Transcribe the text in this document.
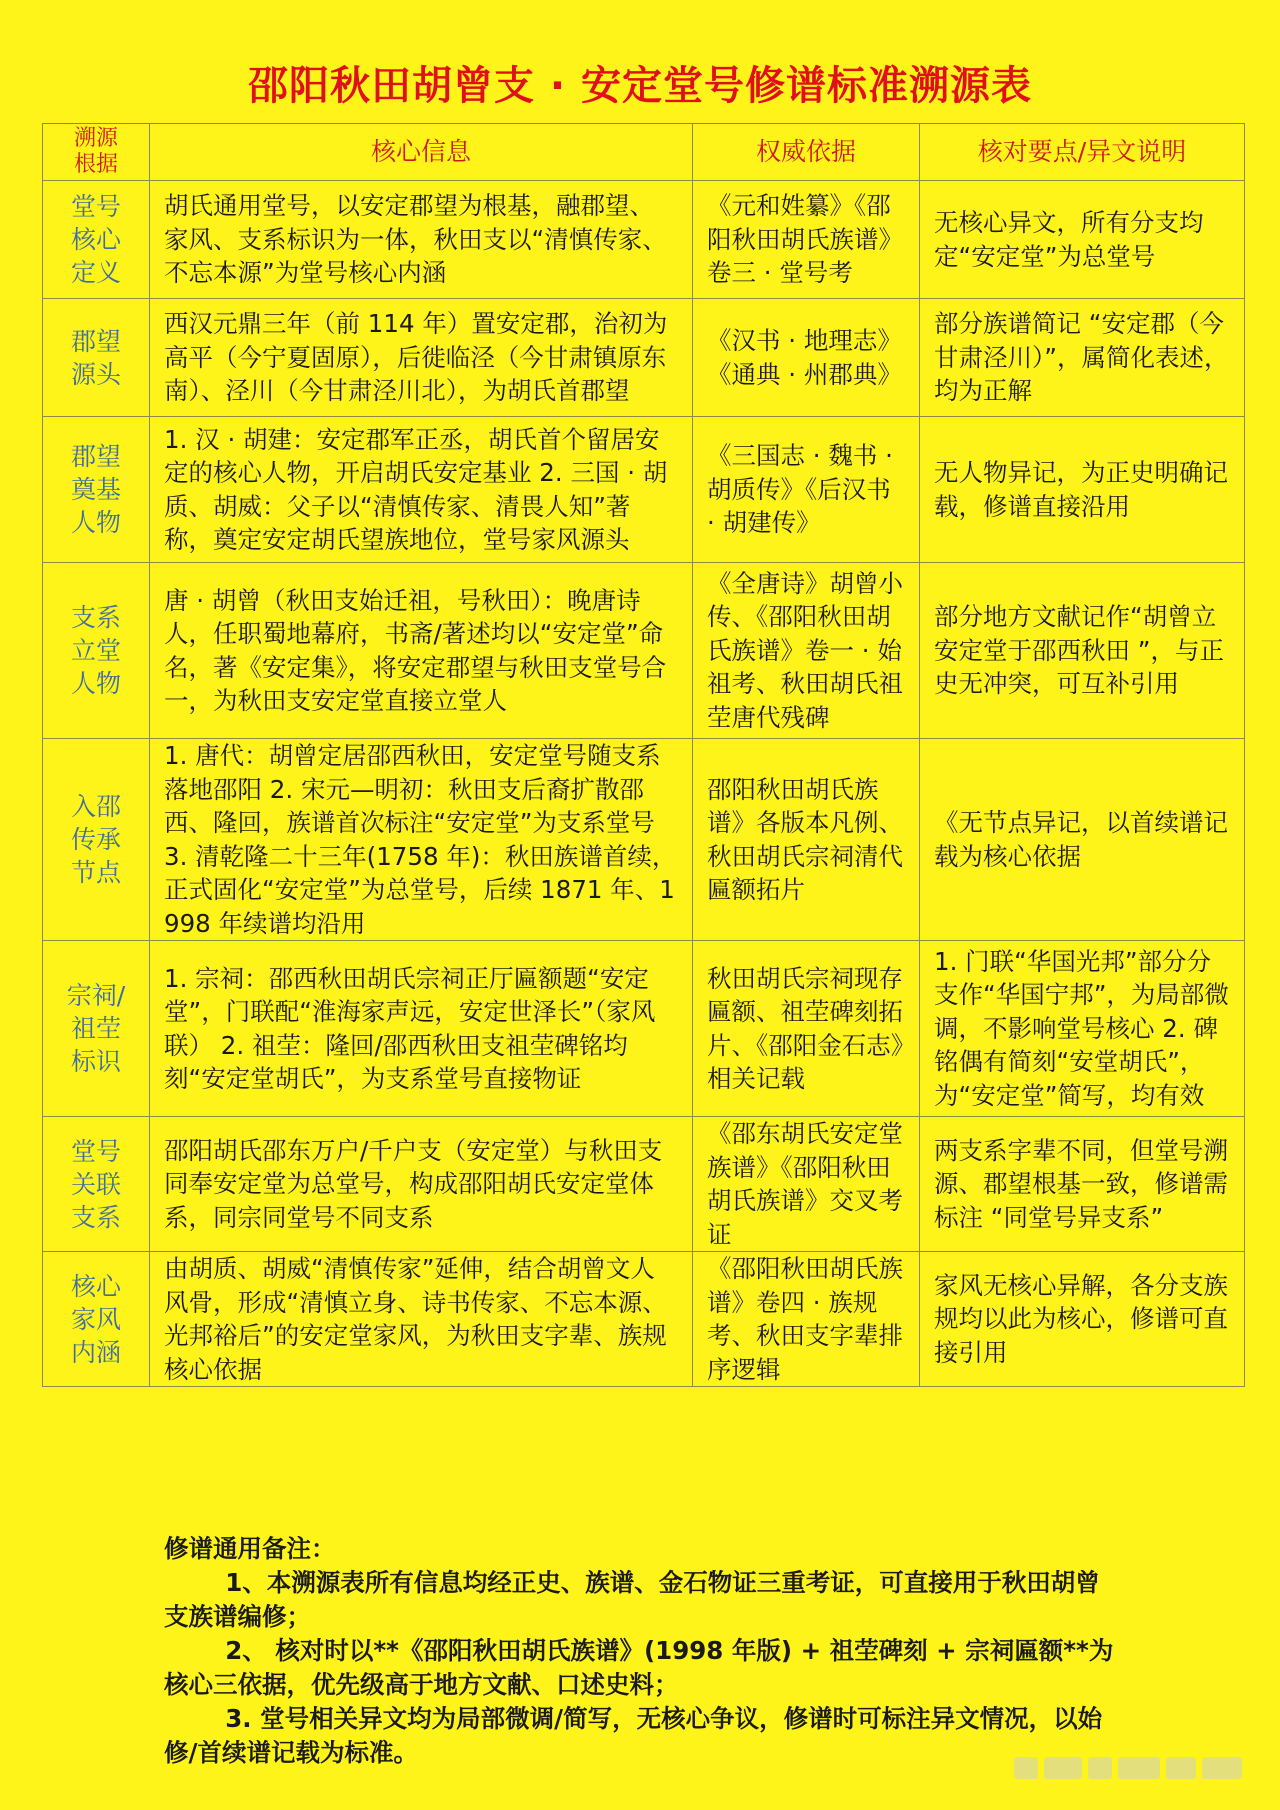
邵阳秋田胡曾支 · 安定堂号修谱标准溯源表
溯源
根据	核心信息	权威依据	核对要点/异文说明
堂号
核心
定义	胡氏通用堂号，以安定郡望为根基，融郡望、家风、支系标识为一体，秋田支以“清慎传家、不忘本源”为堂号核心内涵	《元和姓纂》《邵阳秋田胡氏族谱》卷三 · 堂号考	无核心异文，所有分支均定“安定堂”为总堂号
郡望
源头	西汉元鼎三年（前 114 年）置安定郡，治初为高平（今宁夏固原），后徙临泾（今甘肃镇原东南）、泾川（今甘肃泾川北），为胡氏首郡望	《汉书 · 地理志》《通典 · 州郡典》	部分族谱简记 “安定郡（今甘肃泾川）”，属简化表述，均为正解
郡望
奠基
人物	1. 汉 · 胡建：安定郡军正丞，胡氏首个留居安定的核心人物，开启胡氏安定基业 2. 三国 · 胡质、胡威：父子以“清慎传家、清畏人知”著称，奠定安定胡氏望族地位，堂号家风源头	《三国志 · 魏书 · 胡质传》《后汉书 · 胡建传》	无人物异记，为正史明确记载，修谱直接沿用
支系
立堂
人物	唐 · 胡曾（秋田支始迁祖，号秋田）：晚唐诗人，任职蜀地幕府，书斋/著述均以“安定堂”命名，著《安定集》，将安定郡望与秋田支堂号合一，为秋田支安定堂直接立堂人	《全唐诗》胡曾小传、《邵阳秋田胡氏族谱》卷一 · 始祖考、秋田胡氏祖茔唐代残碑	部分地方文献记作“胡曾立安定堂于邵西秋田 ”，与正史无冲突，可互补引用
入邵
传承
节点	1. 唐代：胡曾定居邵西秋田，安定堂号随支系落地邵阳 2. 宋元—明初：秋田支后裔扩散邵西、隆回，族谱首次标注“安定堂”为支系堂号 3. 清乾隆二十三年(1758 年)：秋田族谱首续，正式固化“安定堂”为总堂号，后续 1871 年、1998 年续谱均沿用	邵阳秋田胡氏族谱》各版本凡例、秋田胡氏宗祠清代匾额拓片	《无节点异记，以首续谱记载为核心依据
宗祠/
祖茔
标识	1. 宗祠：邵西秋田胡氏宗祠正厅匾额题“安定堂”，门联配“淮海家声远，安定世泽长”（家风联） 2. 祖茔：隆回/邵西秋田支祖茔碑铭均刻“安定堂胡氏”，为支系堂号直接物证	秋田胡氏宗祠现存匾额、祖茔碑刻拓片、《邵阳金石志》相关记载	1. 门联“华国光邦”部分分支作“华国宁邦”，为局部微调，不影响堂号核心 2. 碑铭偶有简刻“安堂胡氏”，为“安定堂”简写，均有效
堂号
关联
支系	邵阳胡氏邵东万户/千户支（安定堂）与秋田支同奉安定堂为总堂号，构成邵阳胡氏安定堂体系，同宗同堂号不同支系	《邵东胡氏安定堂族谱》《邵阳秋田胡氏族谱》交叉考证	两支系字辈不同，但堂号溯源、郡望根基一致，修谱需标注 “同堂号异支系”
核心
家风
内涵	由胡质、胡威“清慎传家”延伸，结合胡曾文人风骨，形成“清慎立身、诗书传家、不忘本源、光邦裕后”的安定堂家风，为秋田支字辈、族规核心依据	《邵阳秋田胡氏族谱》卷四 · 族规考、秋田支字辈排序逻辑	家风无核心异解，各分支族规均以此为核心，修谱可直接引用

修谱通用备注：

1、本溯源表所有信息均经正史、族谱、金石物证三重考证，可直接用于秋田胡曾支族谱编修；

2、 核对时以**《邵阳秋田胡氏族谱》(1998 年版) + 祖茔碑刻 + 宗祠匾额**为核心三依据，优先级高于地方文献、口述史料；

3. 堂号相关异文均为局部微调/简写，无核心争议，修谱时可标注异文情况，以始修/首续谱记载为标准。
